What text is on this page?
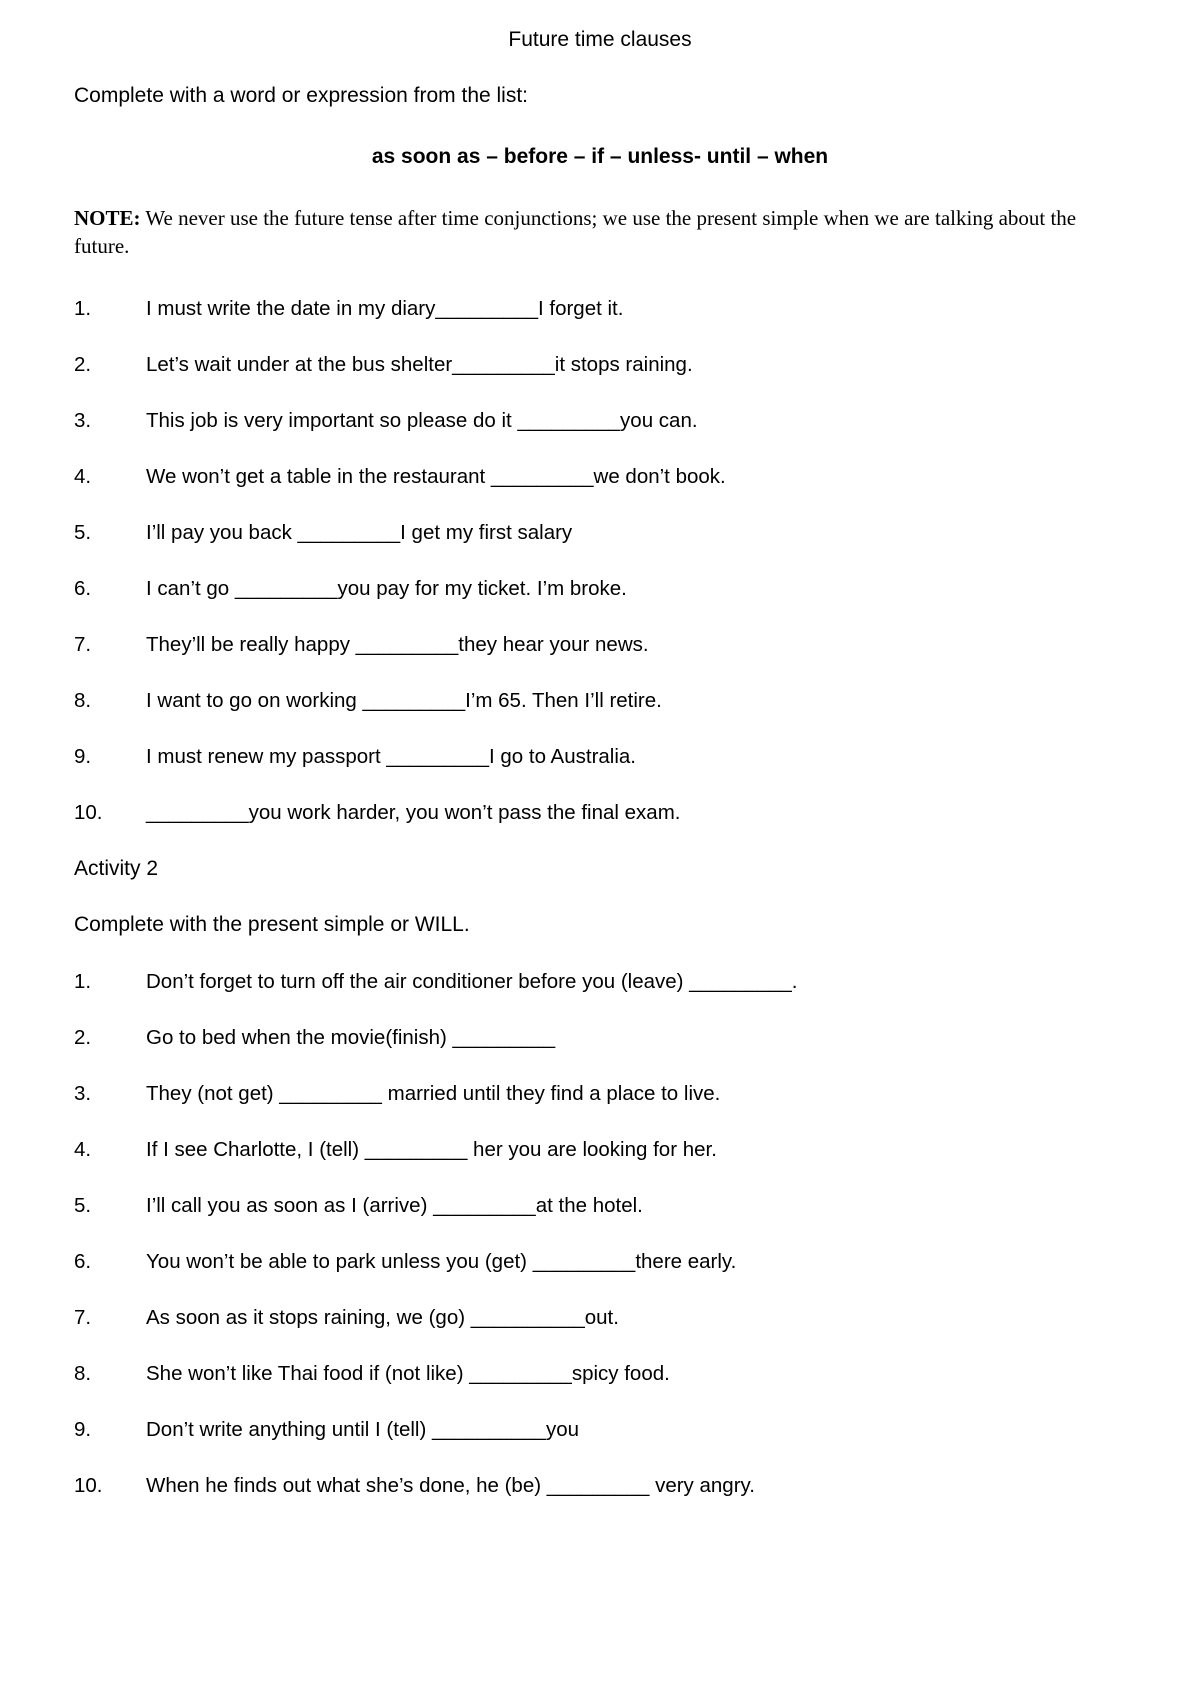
Future time clauses
Complete with a word or expression from the list:
as soon as – before – if – unless- until – when
NOTE: We never use the future tense after time conjunctions; we use the present simple when we are talking about the future.
1.	I must write the date in my diary_________I forget it.
2.	Let’s wait under at the bus shelter_________it stops raining.
3.	This job is very important so please do it _________you can.
4.	We won’t get a table in the restaurant _________we don’t book.
5.	I’ll pay you back _________I get my first salary
6.	I can’t go _________you pay for my ticket. I’m broke.
7.	They’ll be really happy _________they hear your news.
8.	I want to go on working _________I’m 65. Then I’ll retire.
9.	I must renew my passport _________I go to Australia.
10. _________you work harder, you won’t pass the final exam.
Activity 2
Complete with the present simple or WILL.
1.	Don’t forget to turn off the air conditioner before you (leave) _________.
2.	Go to bed when the movie(finish) _________
3.	They (not get) _________ married until they find a place to live.
4.	If I see Charlotte, I (tell) _________ her you are looking for her.
5.	I’ll call you as soon as I (arrive) _________at the hotel.
6.	You won’t be able to park unless you (get) _________there early.
7.	As soon as it stops raining, we (go) __________out.
8.	She won’t like Thai food if (not like) _________spicy food.
9.	Don’t write anything until I (tell) __________you
10. When he finds out what she’s done, he (be) _________ very angry.
